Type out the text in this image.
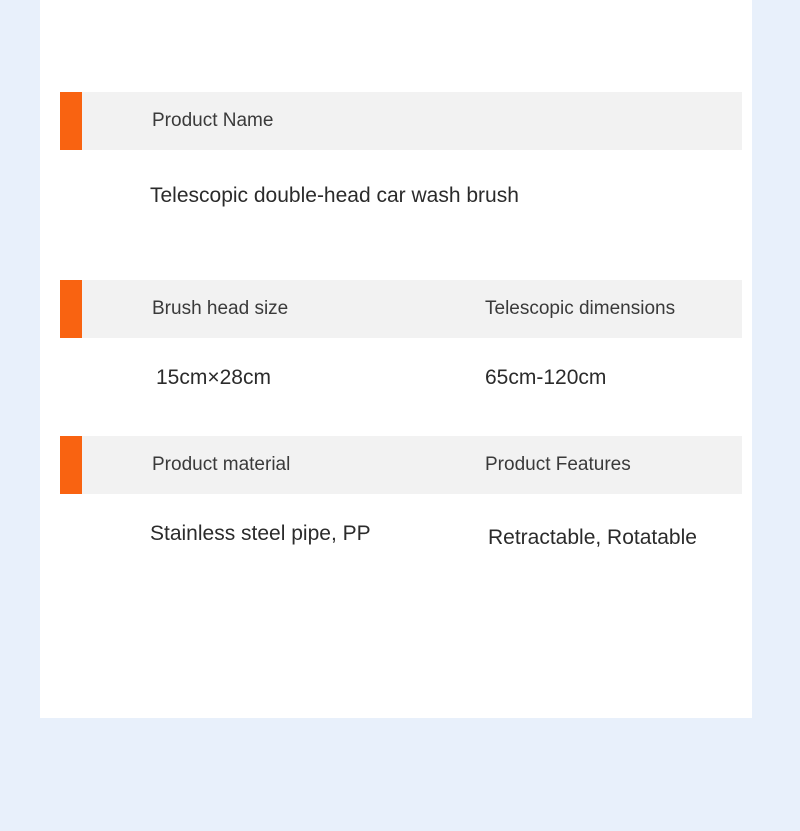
Product Name
Telescopic double-head car wash brush
Brush head size	Telescopic dimensions
15cm×28cm	65cm-120cm
Product material	Product Features
Stainless steel pipe, PP	Retractable, Rotatable
